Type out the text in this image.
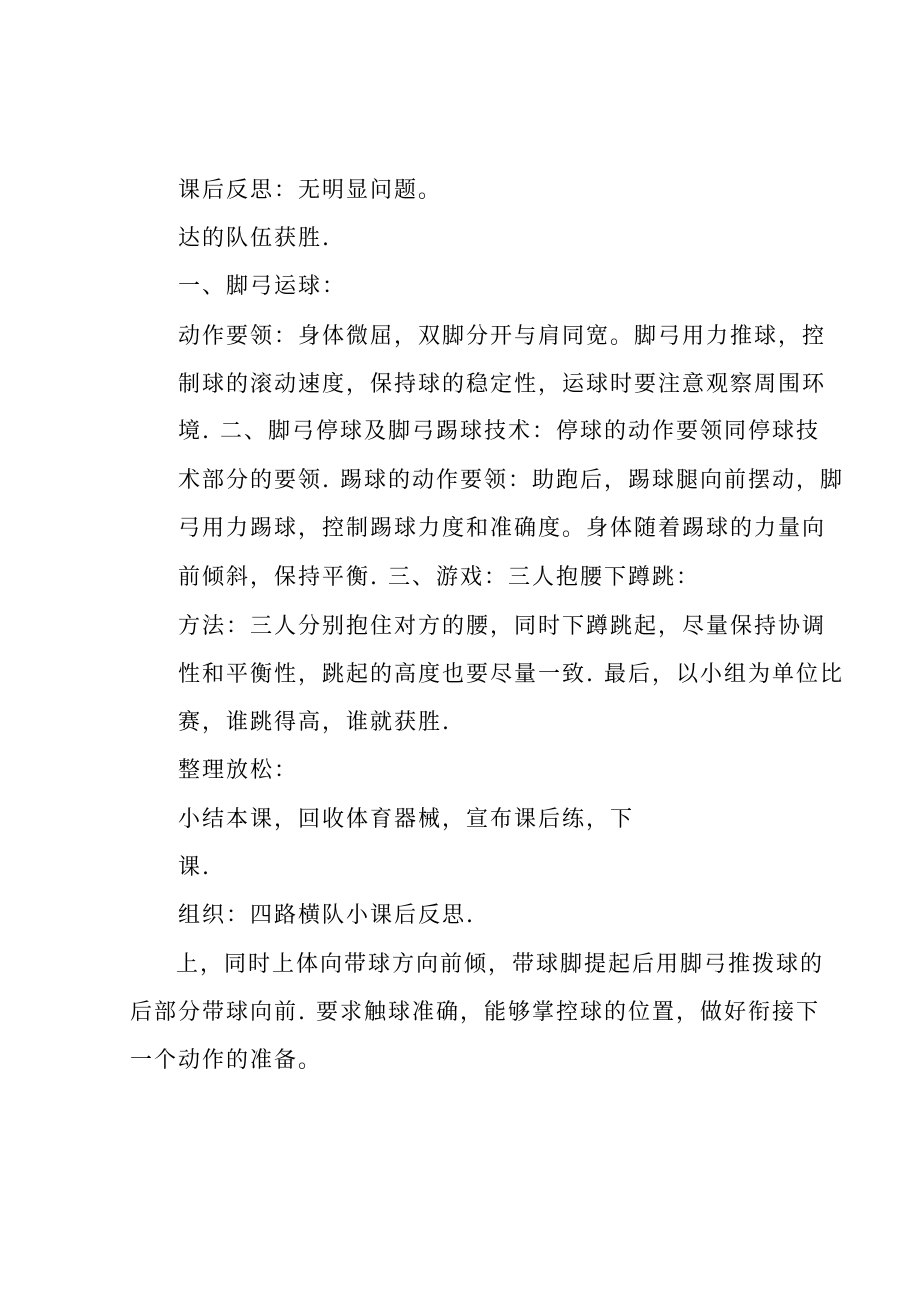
课后反思：无明显问题。
达的队伍获胜.
一、脚弓运球：
动作要领：身体微屈，双脚分开与肩同宽。脚弓用力推球，控
制球的滚动速度，保持球的稳定性，运球时要注意观察周围环
境. 二、脚弓停球及脚弓踢球技术：停球的动作要领同停球技
术部分的要领. 踢球的动作要领：助跑后，踢球腿向前摆动，脚
弓用力踢球，控制踢球力度和准确度。身体随着踢球的力量向
前倾斜，保持平衡. 三、游戏：三人抱腰下蹲跳：
方法：三人分别抱住对方的腰，同时下蹲跳起，尽量保持协调
性和平衡性，跳起的高度也要尽量一致. 最后，以小组为单位比
赛，谁跳得高，谁就获胜.
整理放松：
小结本课，回收体育器械，宣布课后练，下
课.
组织：四路横队小课后反思.
上，同时上体向带球方向前倾，带球脚提起后用脚弓推拨球的
后部分带球向前. 要求触球准确，能够掌控球的位置，做好衔接下
一个动作的准备。
